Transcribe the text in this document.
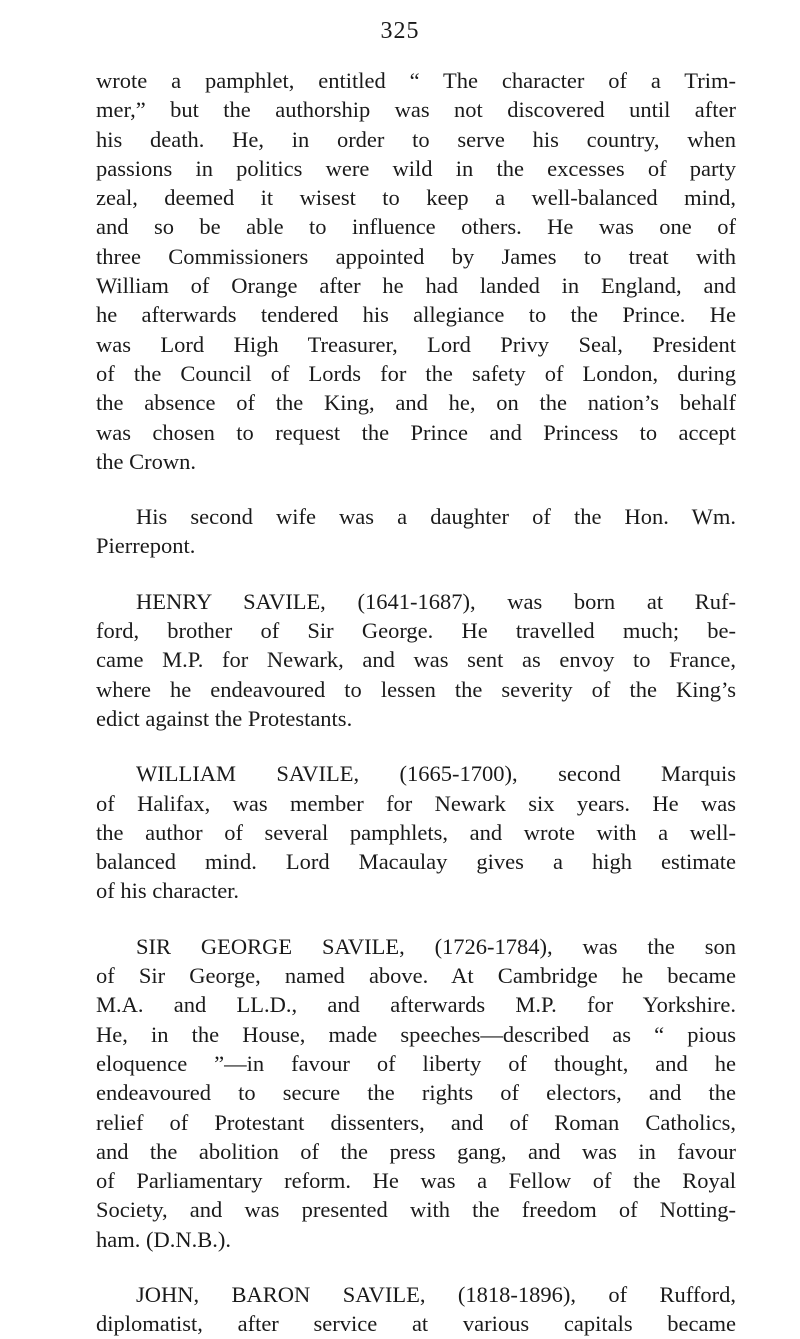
325
wrote a pamphlet, entitled “ The character of a Trim-
mer,” but the authorship was not discovered until after
his death. He, in order to serve his country, when
passions in politics were wild in the excesses of party
zeal, deemed it wisest to keep a well-balanced mind,
and so be able to influence others. He was one of
three Commissioners appointed by James to treat with
William of Orange after he had landed in England, and
he afterwards tendered his allegiance to the Prince. He
was Lord High Treasurer, Lord Privy Seal, President
of the Council of Lords for the safety of London, during
the absence of the King, and he, on the nation’s behalf
was chosen to request the Prince and Princess to accept
the Crown.
His second wife was a daughter of the Hon. Wm.
Pierrepont.
HENRY SAVILE, (1641-1687), was born at Ruf-
ford, brother of Sir George. He travelled much; be-
came M.P. for Newark, and was sent as envoy to France,
where he endeavoured to lessen the severity of the King’s
edict against the Protestants.
WILLIAM SAVILE, (1665-1700), second Marquis
of Halifax, was member for Newark six years. He was
the author of several pamphlets, and wrote with a well-
balanced mind. Lord Macaulay gives a high estimate
of his character.
SIR GEORGE SAVILE, (1726-1784), was the son
of Sir George, named above. At Cambridge he became
M.A. and LL.D., and afterwards M.P. for Yorkshire.
He, in the House, made speeches—described as “ pious
eloquence ”—in favour of liberty of thought, and he
endeavoured to secure the rights of electors, and the
relief of Protestant dissenters, and of Roman Catholics,
and the abolition of the press gang, and was in favour
of Parliamentary reform. He was a Fellow of the Royal
Society, and was presented with the freedom of Notting-
ham. (D.N.B.).
JOHN, BARON SAVILE, (1818-1896), of Rufford,
diplomatist, after service at various capitals became
